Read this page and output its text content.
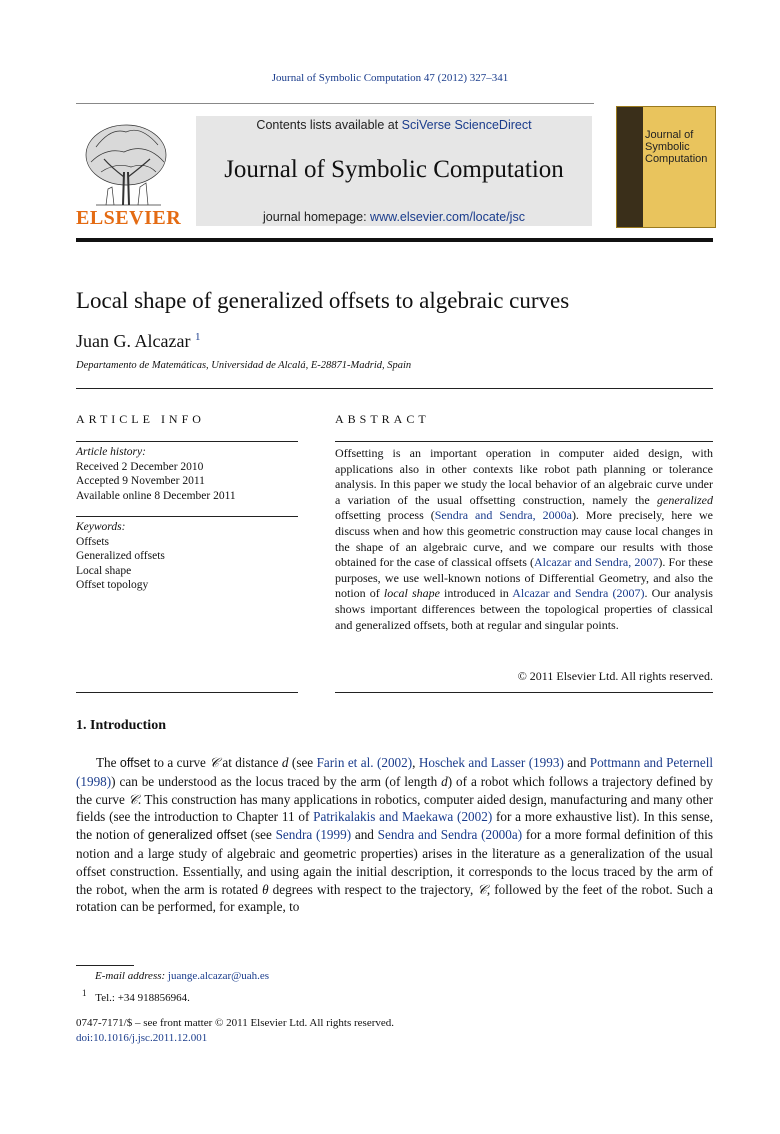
Journal of Symbolic Computation 47 (2012) 327–341
ELSEVIER
Contents lists available at SciVerse ScienceDirect
Journal of Symbolic Computation
journal homepage: www.elsevier.com/locate/jsc
Journal of
Symbolic
Computation
Local shape of generalized offsets to algebraic curves
Juan G. Alcazar $^1$
Departamento de Matemáticas, Universidad de Alcalá, E-28871-Madrid, Spain
ARTICLE INFO	ABSTRACT
Article history:
Received 2 December 2010
Accepted 9 November 2011
Available online 8 December 2011
Keywords:
Offsets
Generalized offsets
Local shape
Offset topology
Offsetting is an important operation in computer aided design, with applications also in other contexts like robot path planning or tolerance analysis. In this paper we study the local behavior of an algebraic curve under a variation of the usual offsetting construction, namely the generalized offsetting process (Sendra and Sendra, 2000a). More precisely, here we discuss when and how this geometric construction may cause local changes in the shape of an algebraic curve, and we compare our results with those obtained for the case of classical offsets (Alcazar and Sendra, 2007). For these purposes, we use well-known notions of Differential Geometry, and also the notion of local shape introduced in Alcazar and Sendra (2007). Our analysis shows important differences between the topological properties of classical and generalized offsets, both at regular and singular points.
© 2011 Elsevier Ltd. All rights reserved.
1. Introduction

The offset to a curve 𝒞 at distance d (see Farin et al. (2002), Hoschek and Lasser (1993) and Pottmann and Peternell (1998)) can be understood as the locus traced by the arm (of length d) of a robot which follows a trajectory defined by the curve 𝒞. This construction has many applications in robotics, computer aided design, manufacturing and many other fields (see the introduction to Chapter 11 of Patrikalakis and Maekawa (2002) for a more exhaustive list). In this sense, the notion of generalized offset (see Sendra (1999) and Sendra and Sendra (2000a) for a more formal definition of this notion and a large study of algebraic and geometric properties) arises in the literature as a generalization of the usual offset construction. Essentially, and using again the initial description, it corresponds to the locus traced by the arm of the robot, when the arm is rotated θ degrees with respect to the trajectory, 𝒞, followed by the feet of the robot. Such a rotation can be performed, for example, to

E-mail address: juange.alcazar@uah.es
$^1$ Tel.: +34 918856964.
0747-7171/$ – see front matter © 2011 Elsevier Ltd. All rights reserved.
doi:10.1016/j.jsc.2011.12.001
